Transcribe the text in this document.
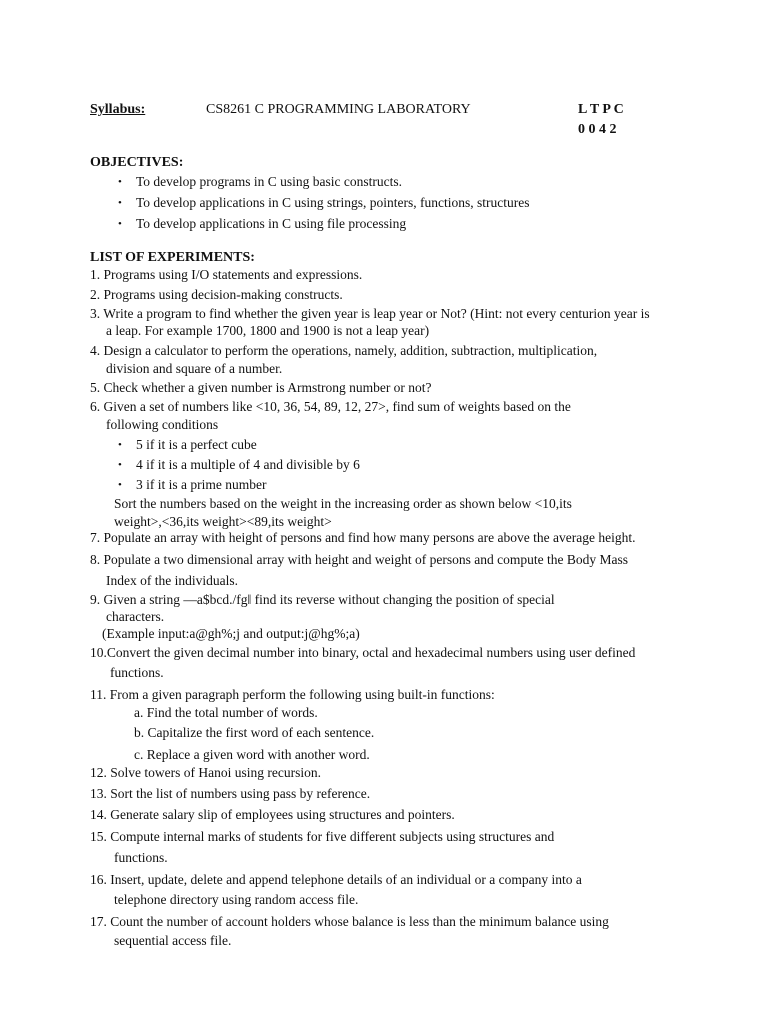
Syllabus:	CS8261 C PROGRAMMING LABORATORY	L T P C
0 0 4 2
OBJECTIVES:
• To develop programs in C using basic constructs.
• To develop applications in C using strings, pointers, functions, structures
• To develop applications in C using file processing
LIST OF EXPERIMENTS:
1. Programs using I/O statements and expressions.
2. Programs using decision-making constructs.
3. Write a program to find whether the given year is leap year or Not? (Hint: not every centurion year is
a leap. For example 1700, 1800 and 1900 is not a leap year)
4. Design a calculator to perform the operations, namely, addition, subtraction, multiplication,
division and square of a number.
5. Check whether a given number is Armstrong number or not?
6. Given a set of numbers like <10, 36, 54, 89, 12, 27>, find sum of weights based on the
following conditions
• 5 if it is a perfect cube
• 4 if it is a multiple of 4 and divisible by 6
• 3 if it is a prime number
Sort the numbers based on the weight in the increasing order as shown below <10,its
weight>,<36,its weight><89,its weight>
7. Populate an array with height of persons and find how many persons are above the average height.
8. Populate a two dimensional array with height and weight of persons and compute the Body Mass
Index of the individuals.
9. Given a string ―a$bcd./fg‖ find its reverse without changing the position of special
characters.
(Example input:a@gh%;j and output:j@hg%;a)
10.Convert the given decimal number into binary, octal and hexadecimal numbers using user defined
functions.
11. From a given paragraph perform the following using built-in functions:
a. Find the total number of words.
b. Capitalize the first word of each sentence.
c. Replace a given word with another word.
12. Solve towers of Hanoi using recursion.
13. Sort the list of numbers using pass by reference.
14. Generate salary slip of employees using structures and pointers.
15. Compute internal marks of students for five different subjects using structures and
functions.
16. Insert, update, delete and append telephone details of an individual or a company into a
telephone directory using random access file.
17. Count the number of account holders whose balance is less than the minimum balance using
sequential access file.
